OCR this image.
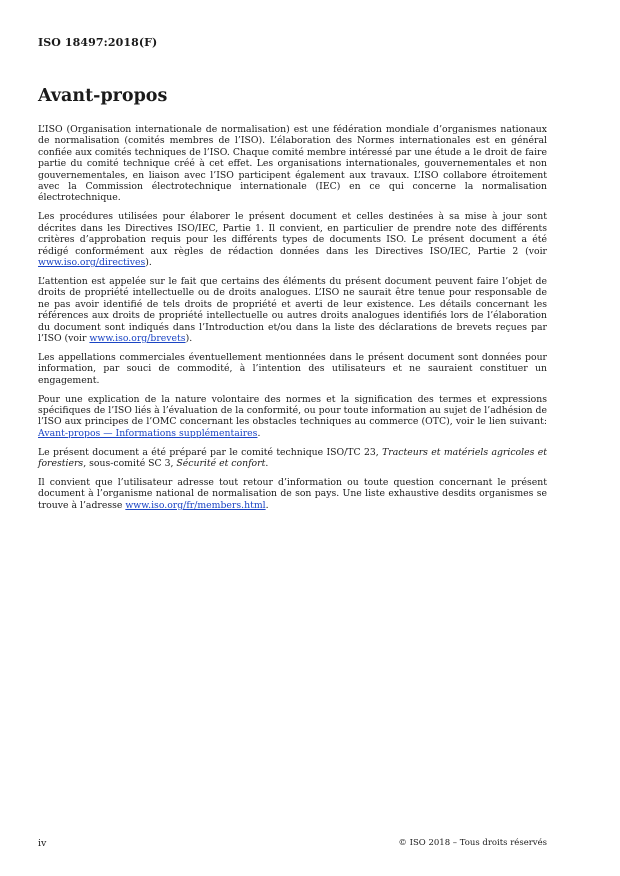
ISO 18497:2018(F)
Avant-propos

L’ISO (Organisation internationale de normalisation) est une fédération mondiale d’organismes nationaux de normalisation (comités membres de l’ISO). L’élaboration des Normes internationales est en général confiée aux comités techniques de l’ISO. Chaque comité membre intéressé par une étude a le droit de faire partie du comité technique créé à cet effet. Les organisations internationales, gouvernementales et non gouvernementales, en liaison avec l’ISO participent également aux travaux. L’ISO collabore étroitement avec la Commission électrotechnique internationale (IEC) en ce qui concerne la normalisation électrotechnique.

Les procédures utilisées pour élaborer le présent document et celles destinées à sa mise à jour sont décrites dans les Directives ISO/IEC, Partie 1. Il convient, en particulier de prendre note des différents critères d’approbation requis pour les différents types de documents ISO. Le présent document a été rédigé conformément aux règles de rédaction données dans les Directives ISO/IEC, Partie 2 (voir www.iso.org/directives).

L’attention est appelée sur le fait que certains des éléments du présent document peuvent faire l’objet de droits de propriété intellectuelle ou de droits analogues. L’ISO ne saurait être tenue pour responsable de ne pas avoir identifié de tels droits de propriété et averti de leur existence. Les détails concernant les références aux droits de propriété intellectuelle ou autres droits analogues identifiés lors de l’élaboration du document sont indiqués dans l’Introduction et/ou dans la liste des déclarations de brevets reçues par l’ISO (voir www.iso.org/brevets).

Les appellations commerciales éventuellement mentionnées dans le présent document sont données pour information, par souci de commodité, à l’intention des utilisateurs et ne sauraient constituer un engagement.

Pour une explication de la nature volontaire des normes et la signification des termes et expressions spécifiques de l’ISO liés à l’évaluation de la conformité, ou pour toute information au sujet de l’adhésion de l’ISO aux principes de l’OMC concernant les obstacles techniques au commerce (OTC), voir le lien suivant: Avant-propos — Informations supplémentaires.

Le présent document a été préparé par le comité technique ISO/TC 23, Tracteurs et matériels agricoles et forestiers, sous-comité SC 3, Sécurité et confort.

Il convient que l’utilisateur adresse tout retour d’information ou toute question concernant le présent document à l’organisme national de normalisation de son pays. Une liste exhaustive desdits organismes se trouve à l’adresse www.iso.org/fr/members.html.

iv	© ISO 2018 – Tous droits réservés
